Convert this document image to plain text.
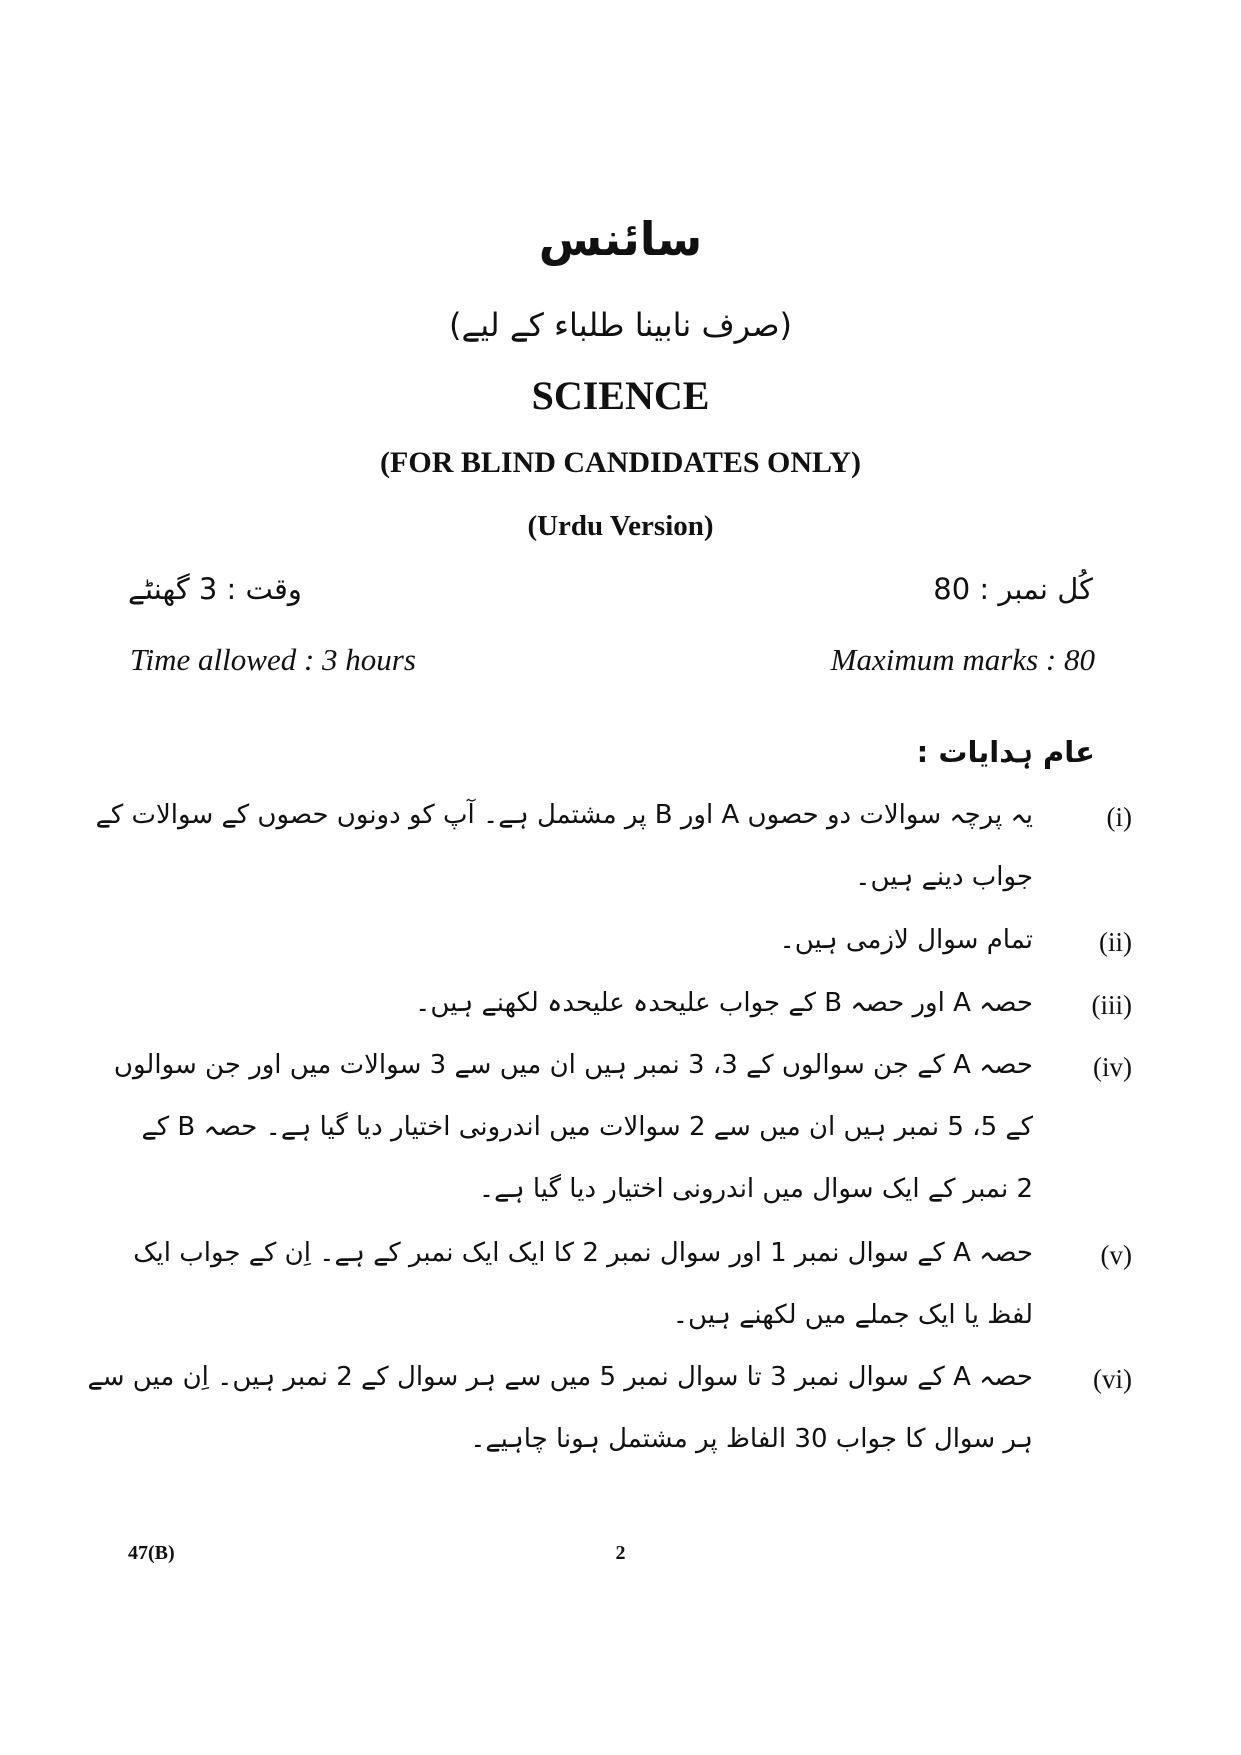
سائنس
(صرف نابینا طلباء کے لیے)
SCIENCE
(FOR BLIND CANDIDATES ONLY)
(Urdu Version)
وقت : 3 گھنٹے	کُل نمبر : 80
Time allowed : 3 hours	Maximum marks : 80
عام ہدایات :
(i)
یہ پرچہ سوالات دو حصوں A اور B پر مشتمل ہے۔ آپ کو دونوں حصوں کے سوالات کے
جواب دینے ہیں۔
(ii)
تمام سوال لازمی ہیں۔
(iii)
حصہ A اور حصہ B کے جواب علیحدہ علیحدہ لکھنے ہیں۔
(iv)
حصہ A کے جن سوالوں کے 3، 3 نمبر ہیں ان میں سے 3 سوالات میں اور جن سوالوں
کے 5، 5 نمبر ہیں ان میں سے 2 سوالات میں اندرونی اختیار دیا گیا ہے۔ حصہ B کے
2 نمبر کے ایک سوال میں اندرونی اختیار دیا گیا ہے۔
(v)
حصہ A کے سوال نمبر 1 اور سوال نمبر 2 کا ایک ایک نمبر کے ہے۔ اِن کے جواب ایک
لفظ یا ایک جملے میں لکھنے ہیں۔
(vi)
حصہ A کے سوال نمبر 3 تا سوال نمبر 5 میں سے ہر سوال کے 2 نمبر ہیں۔ اِن میں سے
ہر سوال کا جواب 30 الفاظ پر مشتمل ہونا چاہیے۔
47(B)	2
